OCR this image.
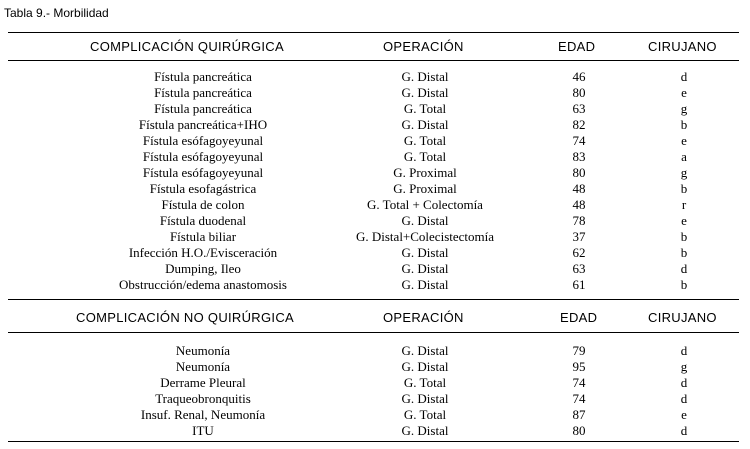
Tabla 9.- Morbilidad
COMPLICACIÓN QUIRÚRGICA	OPERACIÓN	EDAD	CIRUJANO
Fístula pancreática	G. Distal	46	d
Fístula pancreática	G. Distal	80	e
Fístula pancreática	G. Total	63	g
Fístula pancreática+IHO	G. Distal	82	b
Fístula esófagoyeyunal	G. Total	74	e
Fístula esófagoyeyunal	G. Total	83	a
Fístula esófagoyeyunal	G. Proximal	80	g
Fístula esofagástrica	G. Proximal	48	b
Fístula de colon	G. Total + Colectomía	48	r
Fístula duodenal	G. Distal	78	e
Fístula biliar	G. Distal+Colecistectomía	37	b
Infección H.O./Evisceración	G. Distal	62	b
Dumping, Ileo	G. Distal	63	d
Obstrucción/edema anastomosis	G. Distal	61	b
COMPLICACIÓN NO QUIRÚRGICA	OPERACIÓN	EDAD	CIRUJANO
Neumonía	G. Distal	79	d
Neumonía	G. Distal	95	g
Derrame Pleural	G. Total	74	d
Traqueobronquitis	G. Distal	74	d
Insuf. Renal, Neumonía	G. Total	87	e
ITU	G. Distal	80	d
